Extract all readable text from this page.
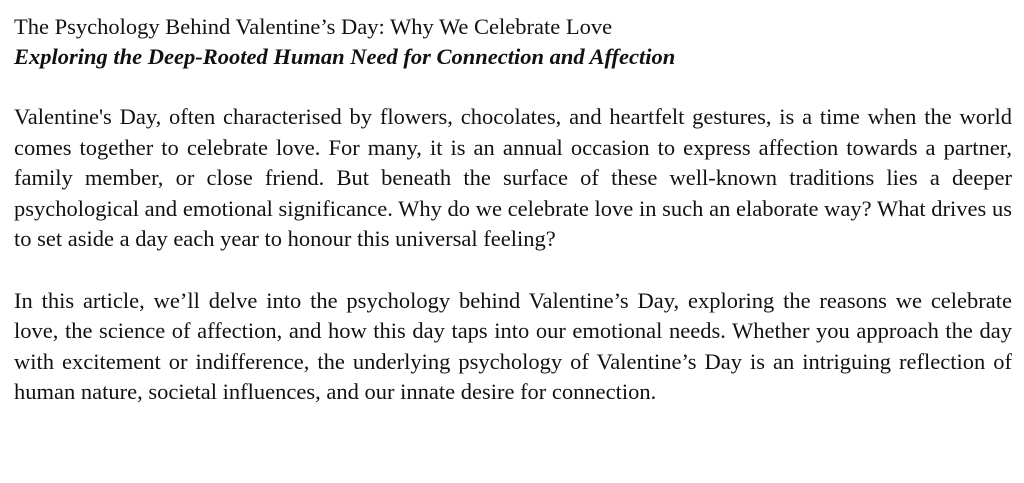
The Psychology Behind Valentine’s Day: Why We Celebrate Love
Exploring the Deep-Rooted Human Need for Connection and Affection

Valentine's Day, often characterised by flowers, chocolates, and heartfelt gestures, is a time when the world comes together to celebrate love. For many, it is an annual occasion to express affection towards a partner, family member, or close friend. But beneath the surface of these well-known traditions lies a deeper psychological and emotional significance. Why do we celebrate love in such an elaborate way? What drives us to set aside a day each year to honour this universal feeling?

In this article, we’ll delve into the psychology behind Valentine’s Day, exploring the reasons we celebrate love, the science of affection, and how this day taps into our emotional needs. Whether you approach the day with excitement or indifference, the underlying psychology of Valentine’s Day is an intriguing reflection of human nature, societal influences, and our innate desire for connection.
